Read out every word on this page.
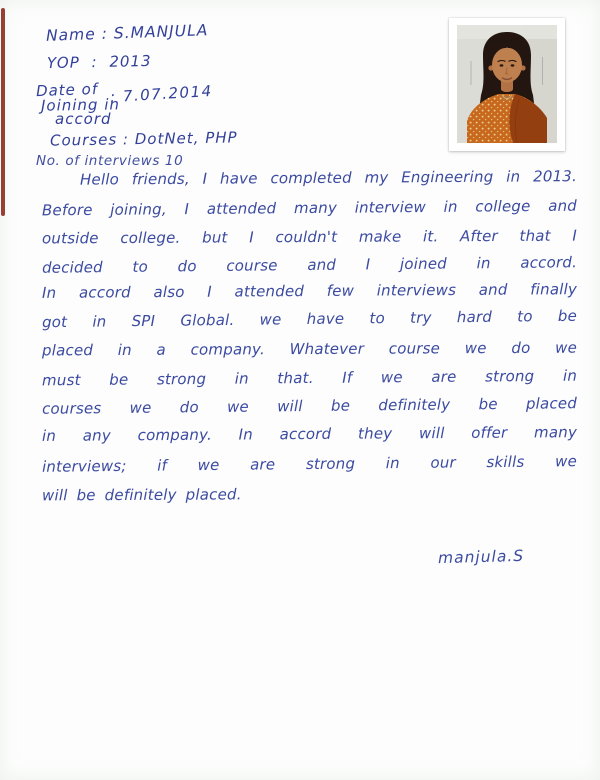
Name : S.MANJULA
YOP : 2013
Date of
Joining in
accord
: 7.07.2014
Courses : DotNet, PHP
No. of interviews 10
Hello friends, I have completed my Engineering in 2013.
Before joining, I attended many interview in college and
outside college. but I couldn't make it. After that I
decided to do course and I joined in accord.
In accord also I attended few interviews and finally
got in SPI Global. we have to try hard to be
placed in a company. Whatever course we do we
must be strong in that. If we are strong in
courses we do we will be definitely be placed
in any company. In accord they will offer many
interviews; if we are strong in our skills we
will be definitely placed.
manjula.S
